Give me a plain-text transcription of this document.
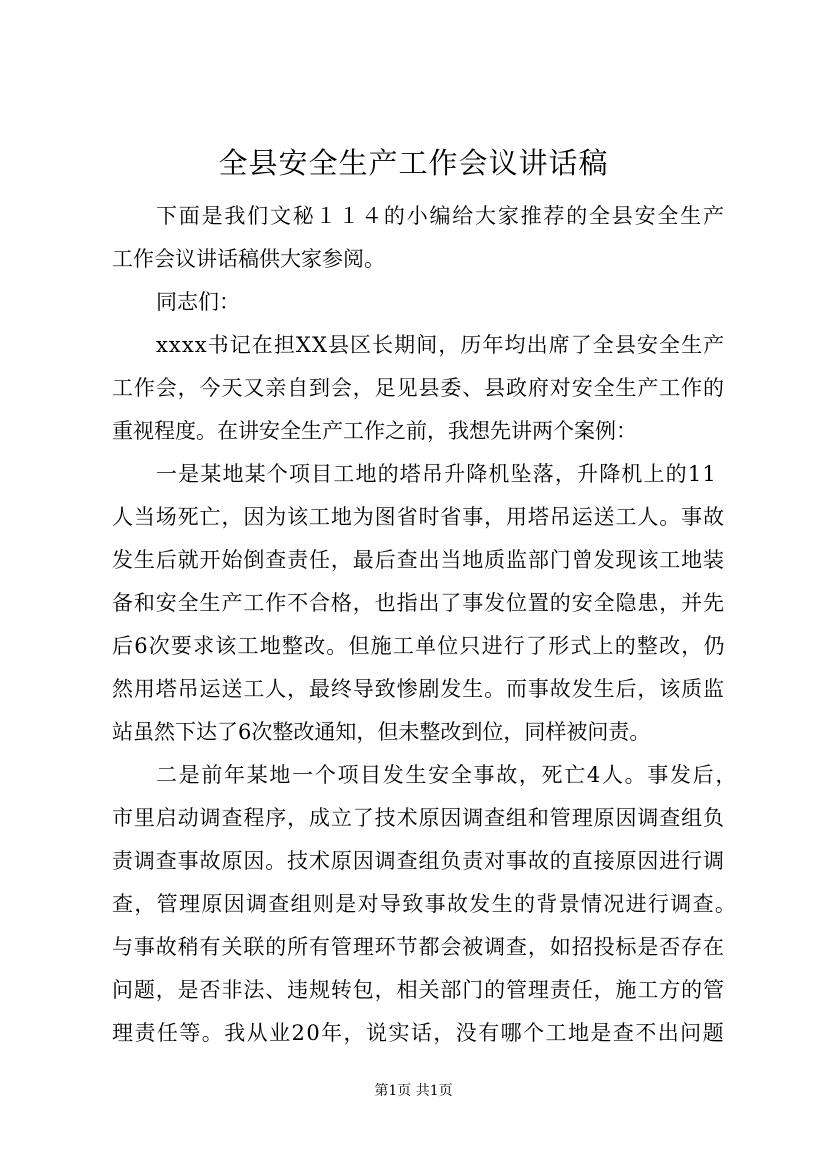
全县安全生产工作会议讲话稿
下面是我们文秘１１４的小编给大家推荐的全县安全生产
工作会议讲话稿供大家参阅。
同志们：
xxxx书记在担XX县区长期间，历年均出席了全县安全生产
工作会，今天又亲自到会，足见县委、县政府对安全生产工作的
重视程度。在讲安全生产工作之前，我想先讲两个案例：
一是某地某个项目工地的塔吊升降机坠落，升降机上的11
人当场死亡，因为该工地为图省时省事，用塔吊运送工人。事故
发生后就开始倒查责任，最后查出当地质监部门曾发现该工地装
备和安全生产工作不合格，也指出了事发位置的安全隐患，并先
后6次要求该工地整改。但施工单位只进行了形式上的整改，仍
然用塔吊运送工人，最终导致惨剧发生。而事故发生后，该质监
站虽然下达了6次整改通知，但未整改到位，同样被问责。
二是前年某地一个项目发生安全事故，死亡4人。事发后，
市里启动调查程序，成立了技术原因调查组和管理原因调查组负
责调查事故原因。技术原因调查组负责对事故的直接原因进行调
查，管理原因调查组则是对导致事故发生的背景情况进行调查。
与事故稍有关联的所有管理环节都会被调查，如招投标是否存在
问题，是否非法、违规转包，相关部门的管理责任，施工方的管
理责任等。我从业20年，说实话，没有哪个工地是查不出问题
第1页 共1页
